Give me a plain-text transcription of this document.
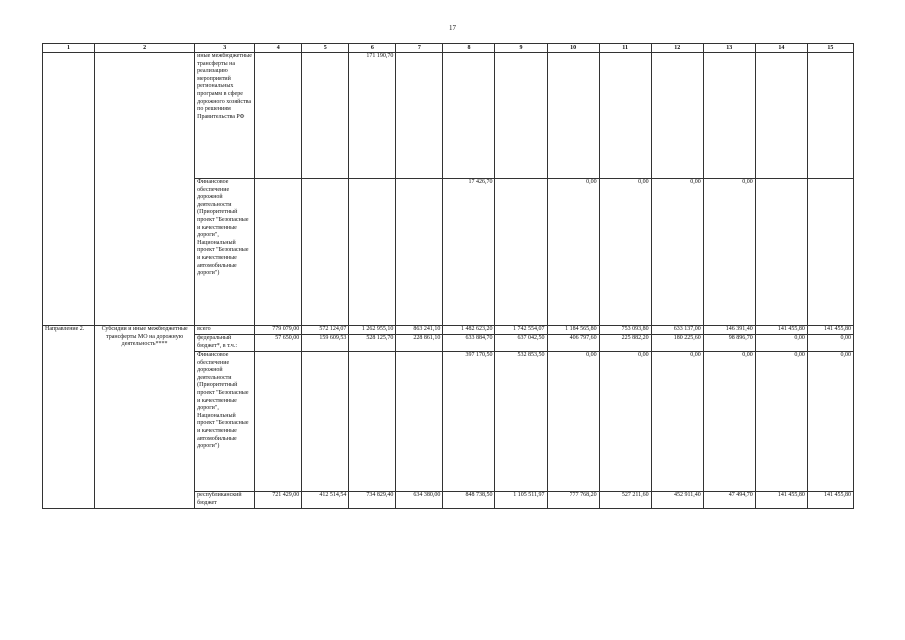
17
1	2	3	4	5	6	7	8	9	10	11	12	13	14	15
		иные межбюджетные трансферты на реализацию мероприятий региональных программ в сфере дорожного хозяйства по решениям Правительства РФ			171 190,70									
		Финансовое обеспечение дорожной деятельности (Приоритетный проект "Безопасные и качественные дороги", Национальный проект "Безопасные и качественные автомобильные дороги")					17 426,70		0,00	0,00	0,00	0,00		
Направление 2.	Субсидии и иные межбюджетные трансферты МО на дорожную деятельность****	всего	779 079,00	572 124,07	1 262 955,10	863 241,10	1 482 623,20	1 742 554,07	1 184 565,80	753 093,80	633 137,00	146 391,40	141 455,80	141 455,80
		федеральный бюджет*, в т.ч.:	57 650,00	159 609,53	528 125,70	228 861,10	633 884,70	637 042,50	406 797,60	225 882,20	180 225,60	98 896,70	0,00	0,00
		Финансовое обеспечение дорожной деятельности (Приоритетный проект "Безопасные и качественные дороги", Национальный проект "Безопасные и качественные автомобильные дороги")					397 170,50	532 853,50	0,00	0,00	0,00	0,00	0,00	0,00
		республиканский бюджет	721 429,00	412 514,54	734 829,40	634 380,00	848 738,50	1 105 511,97	777 768,20	527 211,60	452 911,40	47 494,70	141 455,80	141 455,80
